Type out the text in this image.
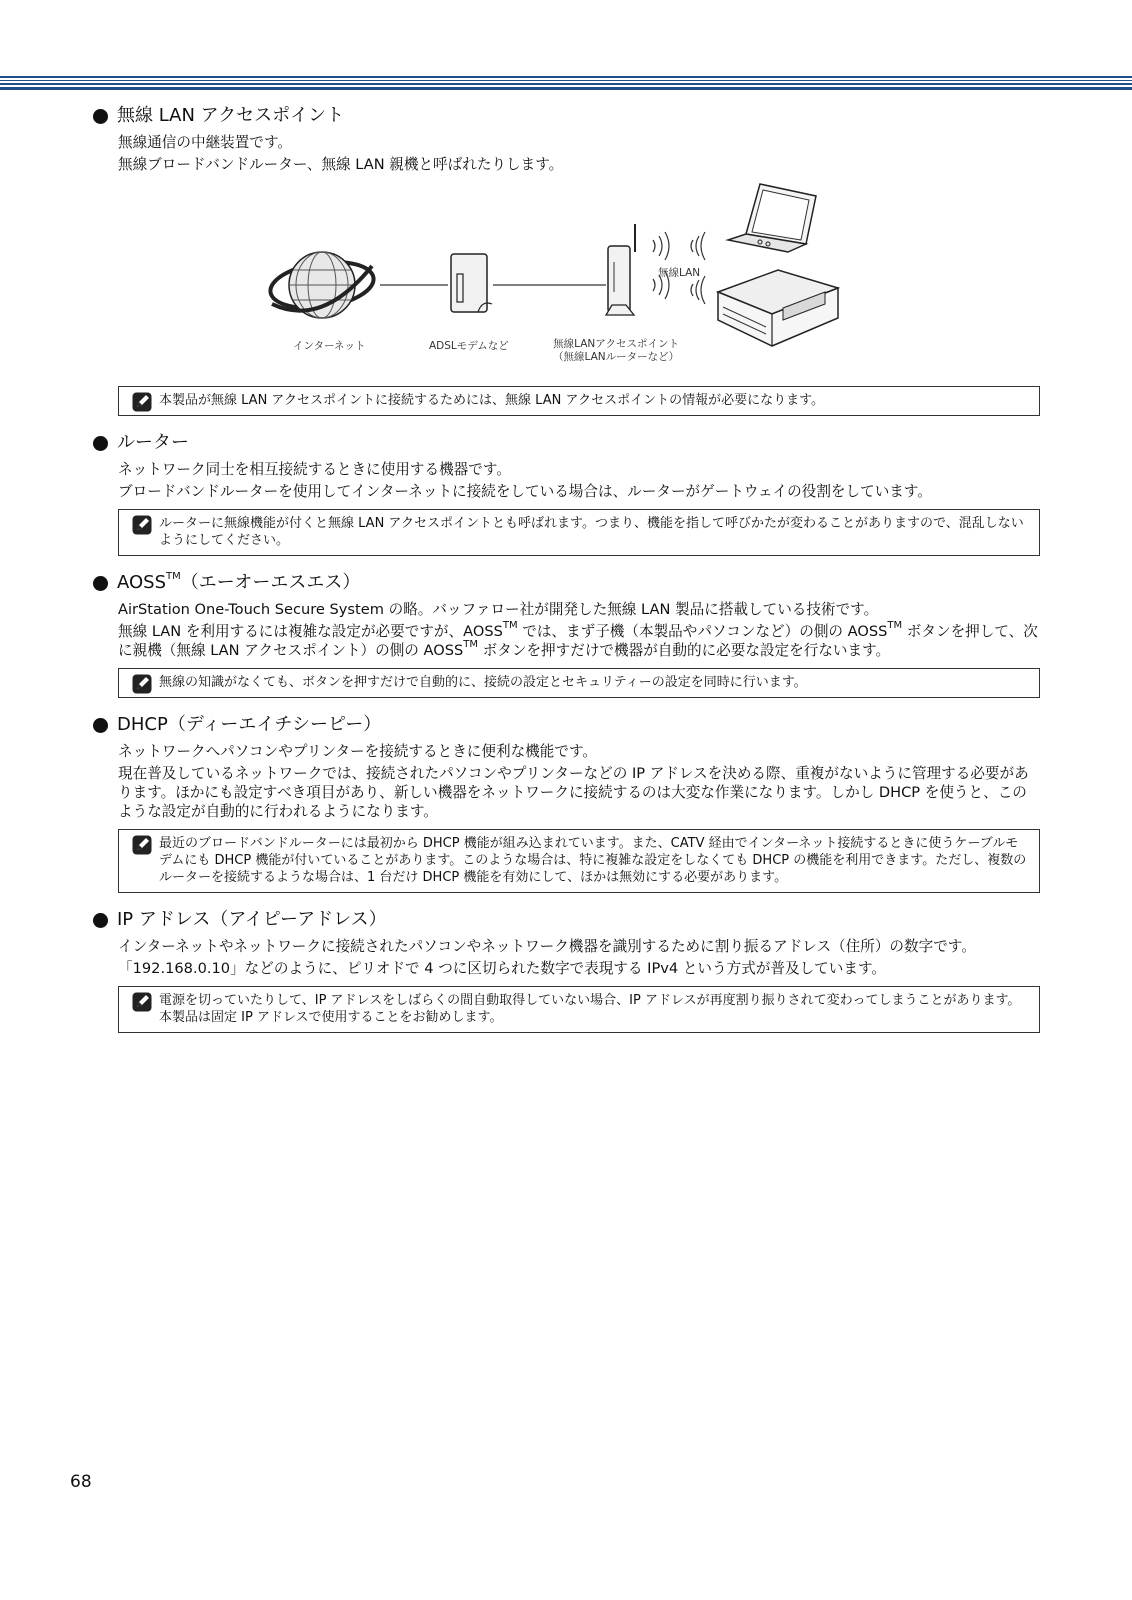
無線 LAN アクセスポイント

無線通信の中継装置です。

無線ブロードバンドルーター、無線 LAN 親機と呼ばれたりします。

インターネット	ADSLモデムなど	無線LANアクセスポイント
（無線LANルーターなど）
無線LAN
本製品が無線 LAN アクセスポイントに接続するためには、無線 LAN アクセスポイントの情報が必要になります。
ルーター

ネットワーク同士を相互接続するときに使用する機器です。

ブロードバンドルーターを使用してインターネットに接続をしている場合は、ルーターがゲートウェイの役割をしています。

ルーターに無線機能が付くと無線 LAN アクセスポイントとも呼ばれます。つまり、機能を指して呼びかたが変わることがありますので、混乱しないようにしてください。
AOSS™（エーオーエスエス）

AirStation One-Touch Secure System の略。バッファロー社が開発した無線 LAN 製品に搭載している技術です。

無線 LAN を利用するには複雑な設定が必要ですが、AOSS™ では、まず子機（本製品やパソコンなど）の側の AOSS™ ボタンを押して、次に親機（無線 LAN アクセスポイント）の側の AOSS™ ボタンを押すだけで機器が自動的に必要な設定を行ないます。

無線の知識がなくても、ボタンを押すだけで自動的に、接続の設定とセキュリティーの設定を同時に行います。
DHCP（ディーエイチシーピー）

ネットワークへパソコンやプリンターを接続するときに便利な機能です。

現在普及しているネットワークでは、接続されたパソコンやプリンターなどの IP アドレスを決める際、重複がないように管理する必要があります。ほかにも設定すべき項目があり、新しい機器をネットワークに接続するのは大変な作業になります。しかし DHCP を使うと、このような設定が自動的に行われるようになります。

最近のブロードバンドルーターには最初から DHCP 機能が組み込まれています。また、CATV 経由でインターネット接続するときに使うケーブルモデムにも DHCP 機能が付いていることがあります。このような場合は、特に複雑な設定をしなくても DHCP の機能を利用できます。ただし、複数のルーターを接続するような場合は、1 台だけ DHCP 機能を有効にして、ほかは無効にする必要があります。
IP アドレス（アイピーアドレス）

インターネットやネットワークに接続されたパソコンやネットワーク機器を識別するために割り振るアドレス（住所）の数字です。

「192.168.0.10」などのように、ピリオドで 4 つに区切られた数字で表現する IPv4 という方式が普及しています。

電源を切っていたりして、IP アドレスをしばらくの間自動取得していない場合、IP アドレスが再度割り振りされて変わってしまうことがあります。本製品は固定 IP アドレスで使用することをお勧めします。
68
